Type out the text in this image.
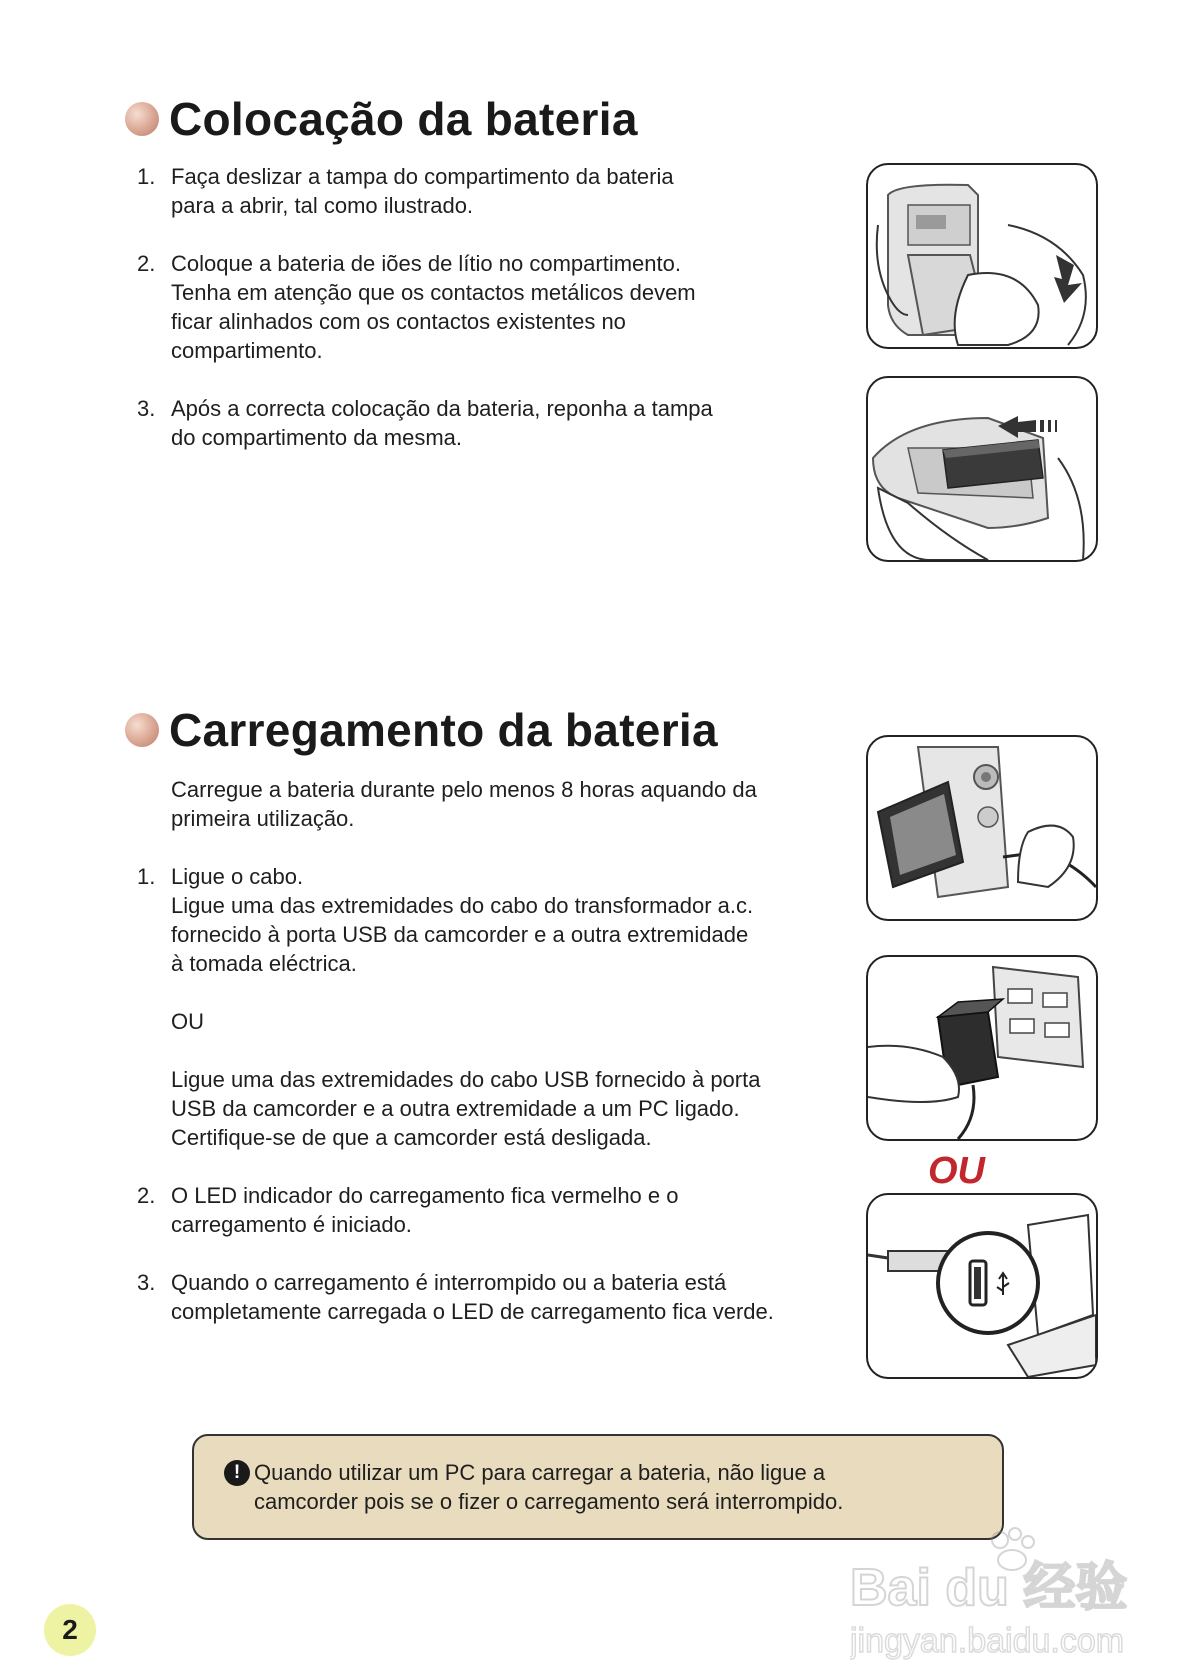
Colocação da bateria
1. Faça deslizar a tampa do compartimento da bateria

para a abrir, tal como ilustrado.

2. Coloque a bateria de iões de lítio no compartimento.

Tenha em atenção que os contactos metálicos devem

ficar alinhados com os contactos existentes no

compartimento.

3. Após a correcta colocação da bateria, reponha a tampa

do compartimento da mesma.

Carregamento da bateria

Carregue a bateria durante pelo menos 8 horas aquando da

primeira utilização.

1. Ligue o cabo.

Ligue uma das extremidades do cabo do transformador a.c.

fornecido à porta USB da camcorder e a outra extremidade

à tomada eléctrica.

OU

Ligue uma das extremidades do cabo USB fornecido à porta

USB da camcorder e a outra extremidade a um PC ligado.

Certifique-se de que a camcorder está desligada.

2. O LED indicador do carregamento fica vermelho e o

carregamento é iniciado.

3. Quando o carregamento é interrompido ou a bateria está

completamente carregada o LED de carregamento fica verde.

OU
! Quando utilizar um PC para carregar a bateria, não ligue a
camcorder pois se o fizer o carregamento será interrompido.
2
Bai du 经验
jingyan.baidu.com
